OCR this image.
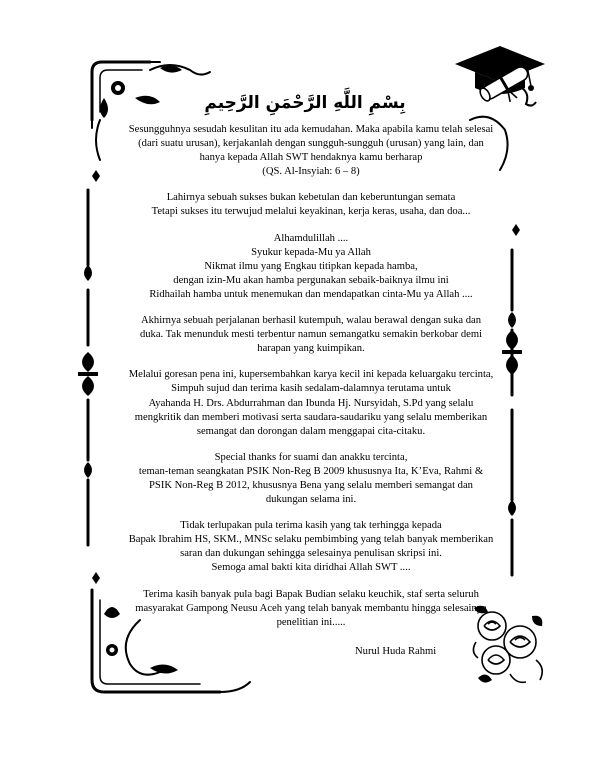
بِسْمِ اللَّهِ الرَّحْمَنِ الرَّحِيمِ

Sesungguhnya sesudah kesulitan itu ada kemudahan. Maka apabila kamu telah selesai
(dari suatu urusan), kerjakanlah dengan sungguh-sungguh (urusan) yang lain, dan
hanya kepada Allah SWT hendaknya kamu berharap
(QS. Al-Insyiah: 6 – 8)

Lahirnya sebuah sukses bukan kebetulan dan keberuntungan semata
Tetapi sukses itu terwujud melalui keyakinan, kerja keras, usaha, dan doa...

Alhamdulillah ....
Syukur kepada-Mu ya Allah
Nikmat ilmu yang Engkau titipkan kepada hamba,
dengan izin-Mu akan hamba pergunakan sebaik-baiknya ilmu ini
Ridhailah hamba untuk menemukan dan mendapatkan cinta-Mu ya Allah ....

Akhirnya sebuah perjalanan berhasil kutempuh, walau berawal dengan suka dan
duka. Tak menunduk mesti terbentur namun semangatku semakin berkobar demi
harapan yang kuimpikan.

Melalui goresan pena ini, kupersembahkan karya kecil ini kepada keluargaku tercinta,
Simpuh sujud dan terima kasih sedalam-dalamnya terutama untuk
Ayahanda H. Drs. Abdurrahman dan Ibunda Hj. Nursyidah, S.Pd yang selalu
mengkritik dan memberi motivasi serta saudara-saudariku yang selalu memberikan
semangat dan dorongan dalam menggapai cita-citaku.

Special thanks for suami dan anakku tercinta,
teman-teman seangkatan PSIK Non-Reg B 2009 khususnya Ita, K’Eva, Rahmi &
PSIK Non-Reg B 2012, khususnya Bena yang selalu memberi semangat dan
dukungan selama ini.

Tidak terlupakan pula terima kasih yang tak terhingga kepada
Bapak Ibrahim HS, SKM., MNSc selaku pembimbing yang telah banyak memberikan
saran dan dukungan sehingga selesainya penulisan skripsi ini.
Semoga amal bakti kita diridhai Allah SWT ....

Terima kasih banyak pula bagi Bapak Budian selaku keuchik, staf serta seluruh
masyarakat Gampong Neusu Aceh yang telah banyak membantu hingga selesainya
penelitian ini.....

Nurul Huda Rahmi
